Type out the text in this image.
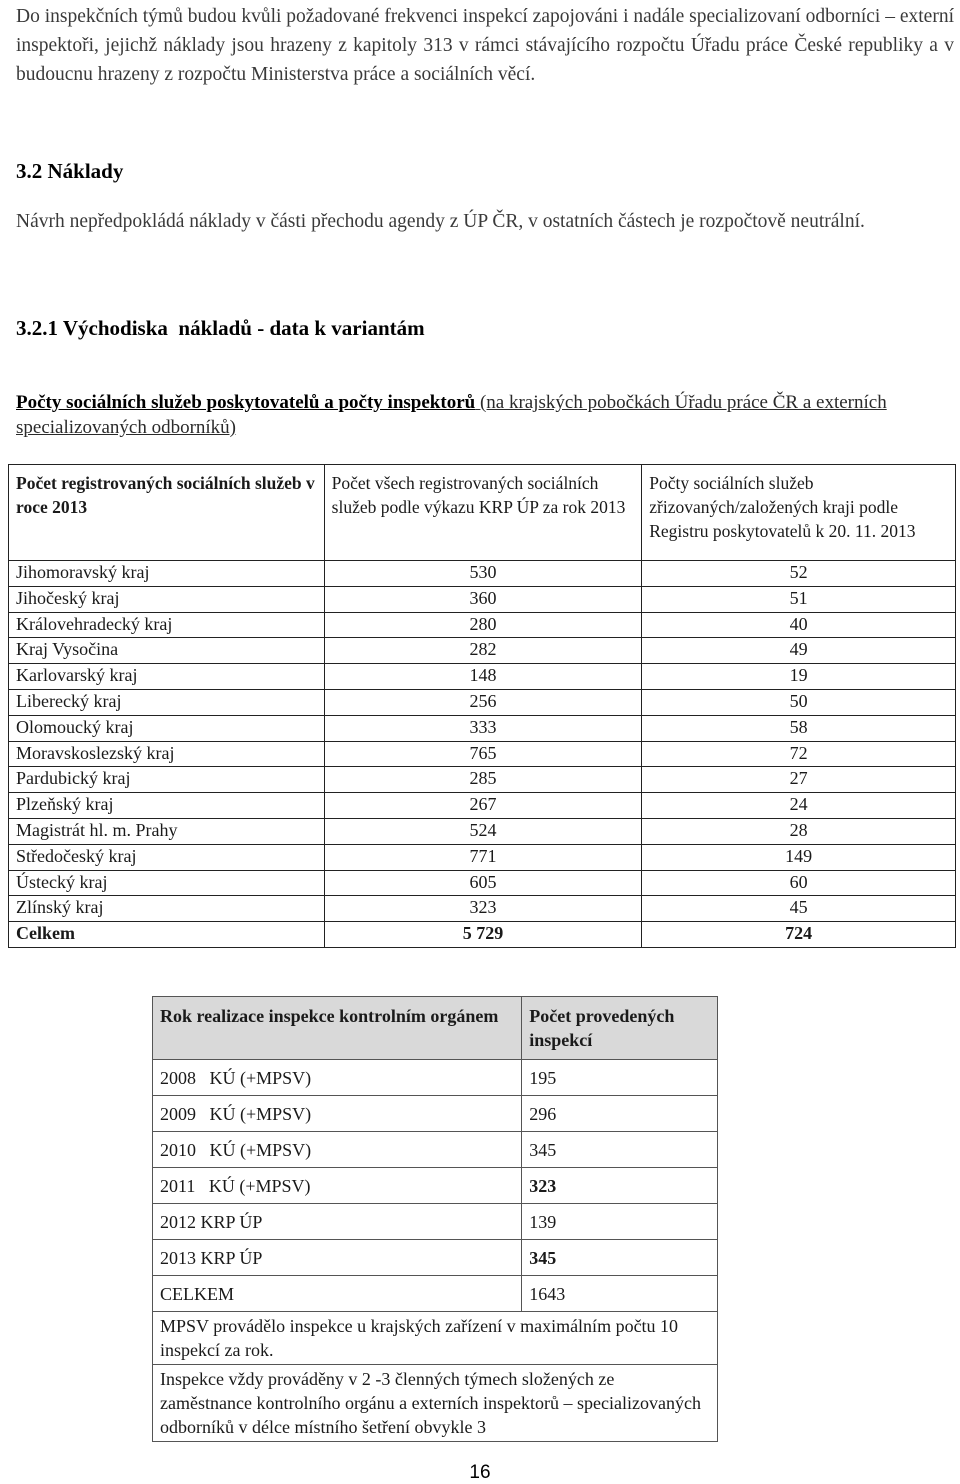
Do inspekčních týmů budou kvůli požadované frekvenci inspekcí zapojováni i nadále specializovaní odborníci – externí inspektoři, jejichž náklady jsou hrazeny z kapitoly 313 v rámci stávajícího rozpočtu Úřadu práce České republiky a v budoucnu hrazeny z rozpočtu Ministerstva práce a sociálních věcí.

3.2 Náklady

Návrh nepředpokládá náklady v části přechodu agendy z ÚP ČR, v ostatních částech je rozpočtově neutrální.

3.2.1 Východiska  nákladů - data k variantám

Počty sociálních služeb poskytovatelů a počty inspektorů (na krajských pobočkách Úřadu práce ČR a externích specializovaných odborníků)

Počet registrovaných sociálních služeb v roce 2013	Počet všech registrovaných sociálních služeb podle výkazu KRP ÚP za rok 2013	Počty sociálních služeb zřizovaných/založených kraji podle Registru poskytovatelů k 20. 11. 2013
Jihomoravský kraj	530	52
Jihočeský kraj	360	51
Královehradecký kraj	280	40
Kraj Vysočina	282	49
Karlovarský kraj	148	19
Liberecký kraj	256	50
Olomoucký kraj	333	58
Moravskoslezský kraj	765	72
Pardubický kraj	285	27
Plzeňský kraj	267	24
Magistrát hl. m. Prahy	524	28
Středočeský kraj	771	149
Ústecký kraj	605	60
Zlínský kraj	323	45
Celkem	5 729	724
Rok realizace inspekce kontrolním orgánem	Počet provedených inspekcí
2008   KÚ (+MPSV)	195
2009   KÚ (+MPSV)	296
2010   KÚ (+MPSV)	345
2011   KÚ (+MPSV)	323
2012 KRP ÚP	139
2013 KRP ÚP	345
CELKEM	1643
MPSV provádělo inspekce u krajských zařízení v maximálním počtu 10 inspekcí za rok.	
Inspekce vždy prováděny v 2 -3 členných týmech složených ze zaměstnance kontrolního orgánu a externích inspektorů – specializovaných odborníků v délce místního šetření obvykle 3	
16
